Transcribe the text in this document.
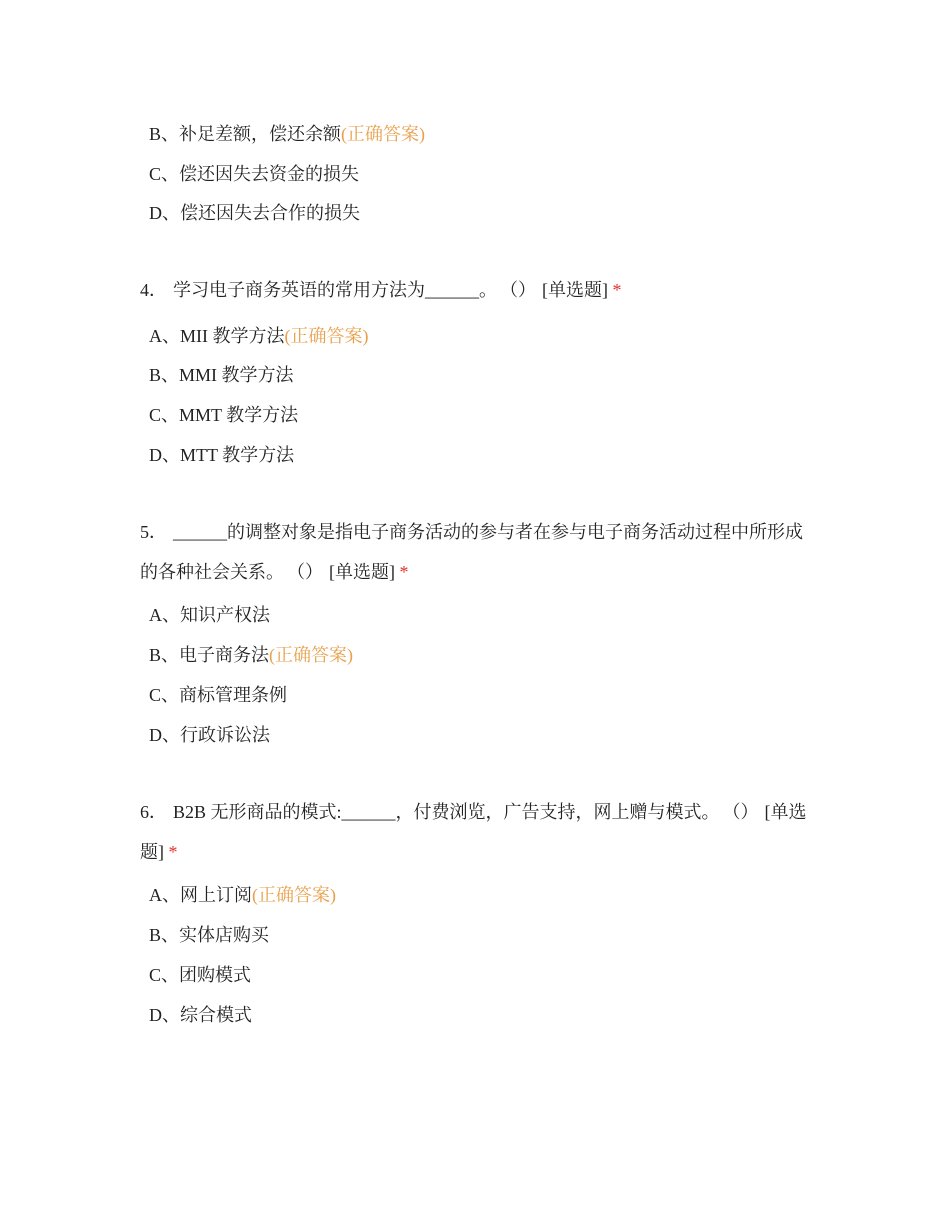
B、补足差额，偿还余额(正确答案)
C、偿还因失去资金的损失
D、偿还因失去合作的损失
4． 学习电子商务英语的常用方法为______。 （） [单选题] *
A、MII 教学方法(正确答案)
B、MMI 教学方法
C、MMT 教学方法
D、MTT 教学方法
5． ______的调整对象是指电子商务活动的参与者在参与电子商务活动过程中所形成的各种社会关系。 （） [单选题] *
A、知识产权法
B、电子商务法(正确答案)
C、商标管理条例
D、行政诉讼法
6． B2B 无形商品的模式:______，付费浏览，广告支持，网上赠与模式。 （） [单选题] *
A、网上订阅(正确答案)
B、实体店购买
C、团购模式
D、综合模式
